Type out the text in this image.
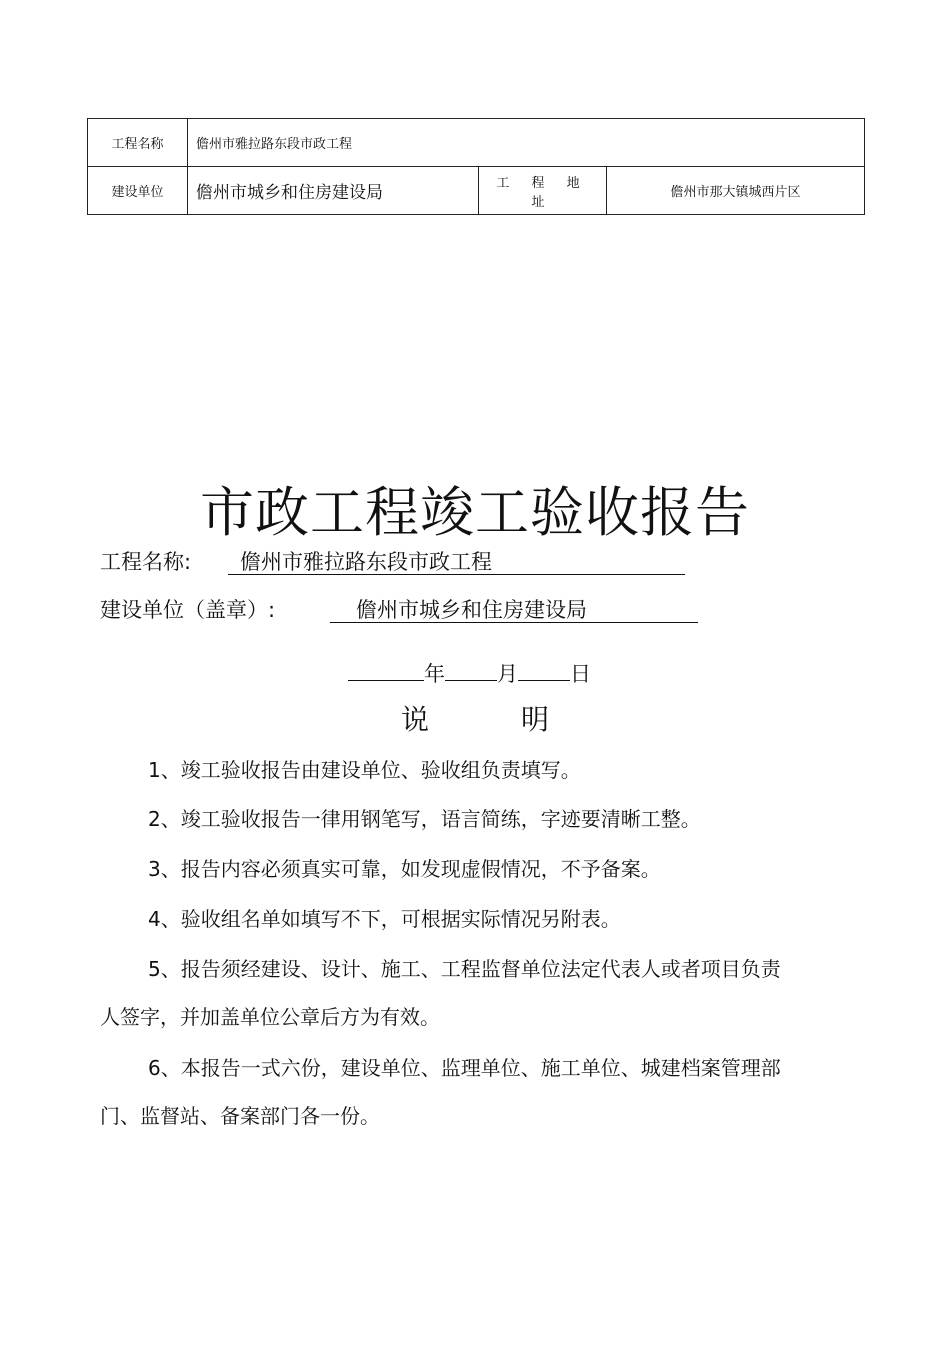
工程名称	儋州市雅拉路东段市政工程		
建设单位	儋州市城乡和住房建设局	工 程 地 址	儋州市那大镇城西片区
市政工程竣工验收报告
工程名称: 儋州市雅拉路东段市政工程
建设单位（盖章）:	儋州市城乡和住房建设局
年 月 日
说	明
1、竣工验收报告由建设单位、验收组负责填写。
2、竣工验收报告一律用钢笔写，语言简练，字迹要清晰工整。
3、报告内容必须真实可靠，如发现虚假情况，不予备案。
4、验收组名单如填写不下，可根据实际情况另附表。
5、报告须经建设、设计、施工、工程监督单位法定代表人或者项目负责人签字，并加盖单位公章后方为有效。
6、本报告一式六份，建设单位、监理单位、施工单位、城建档案管理部门、监督站、备案部门各一份。
